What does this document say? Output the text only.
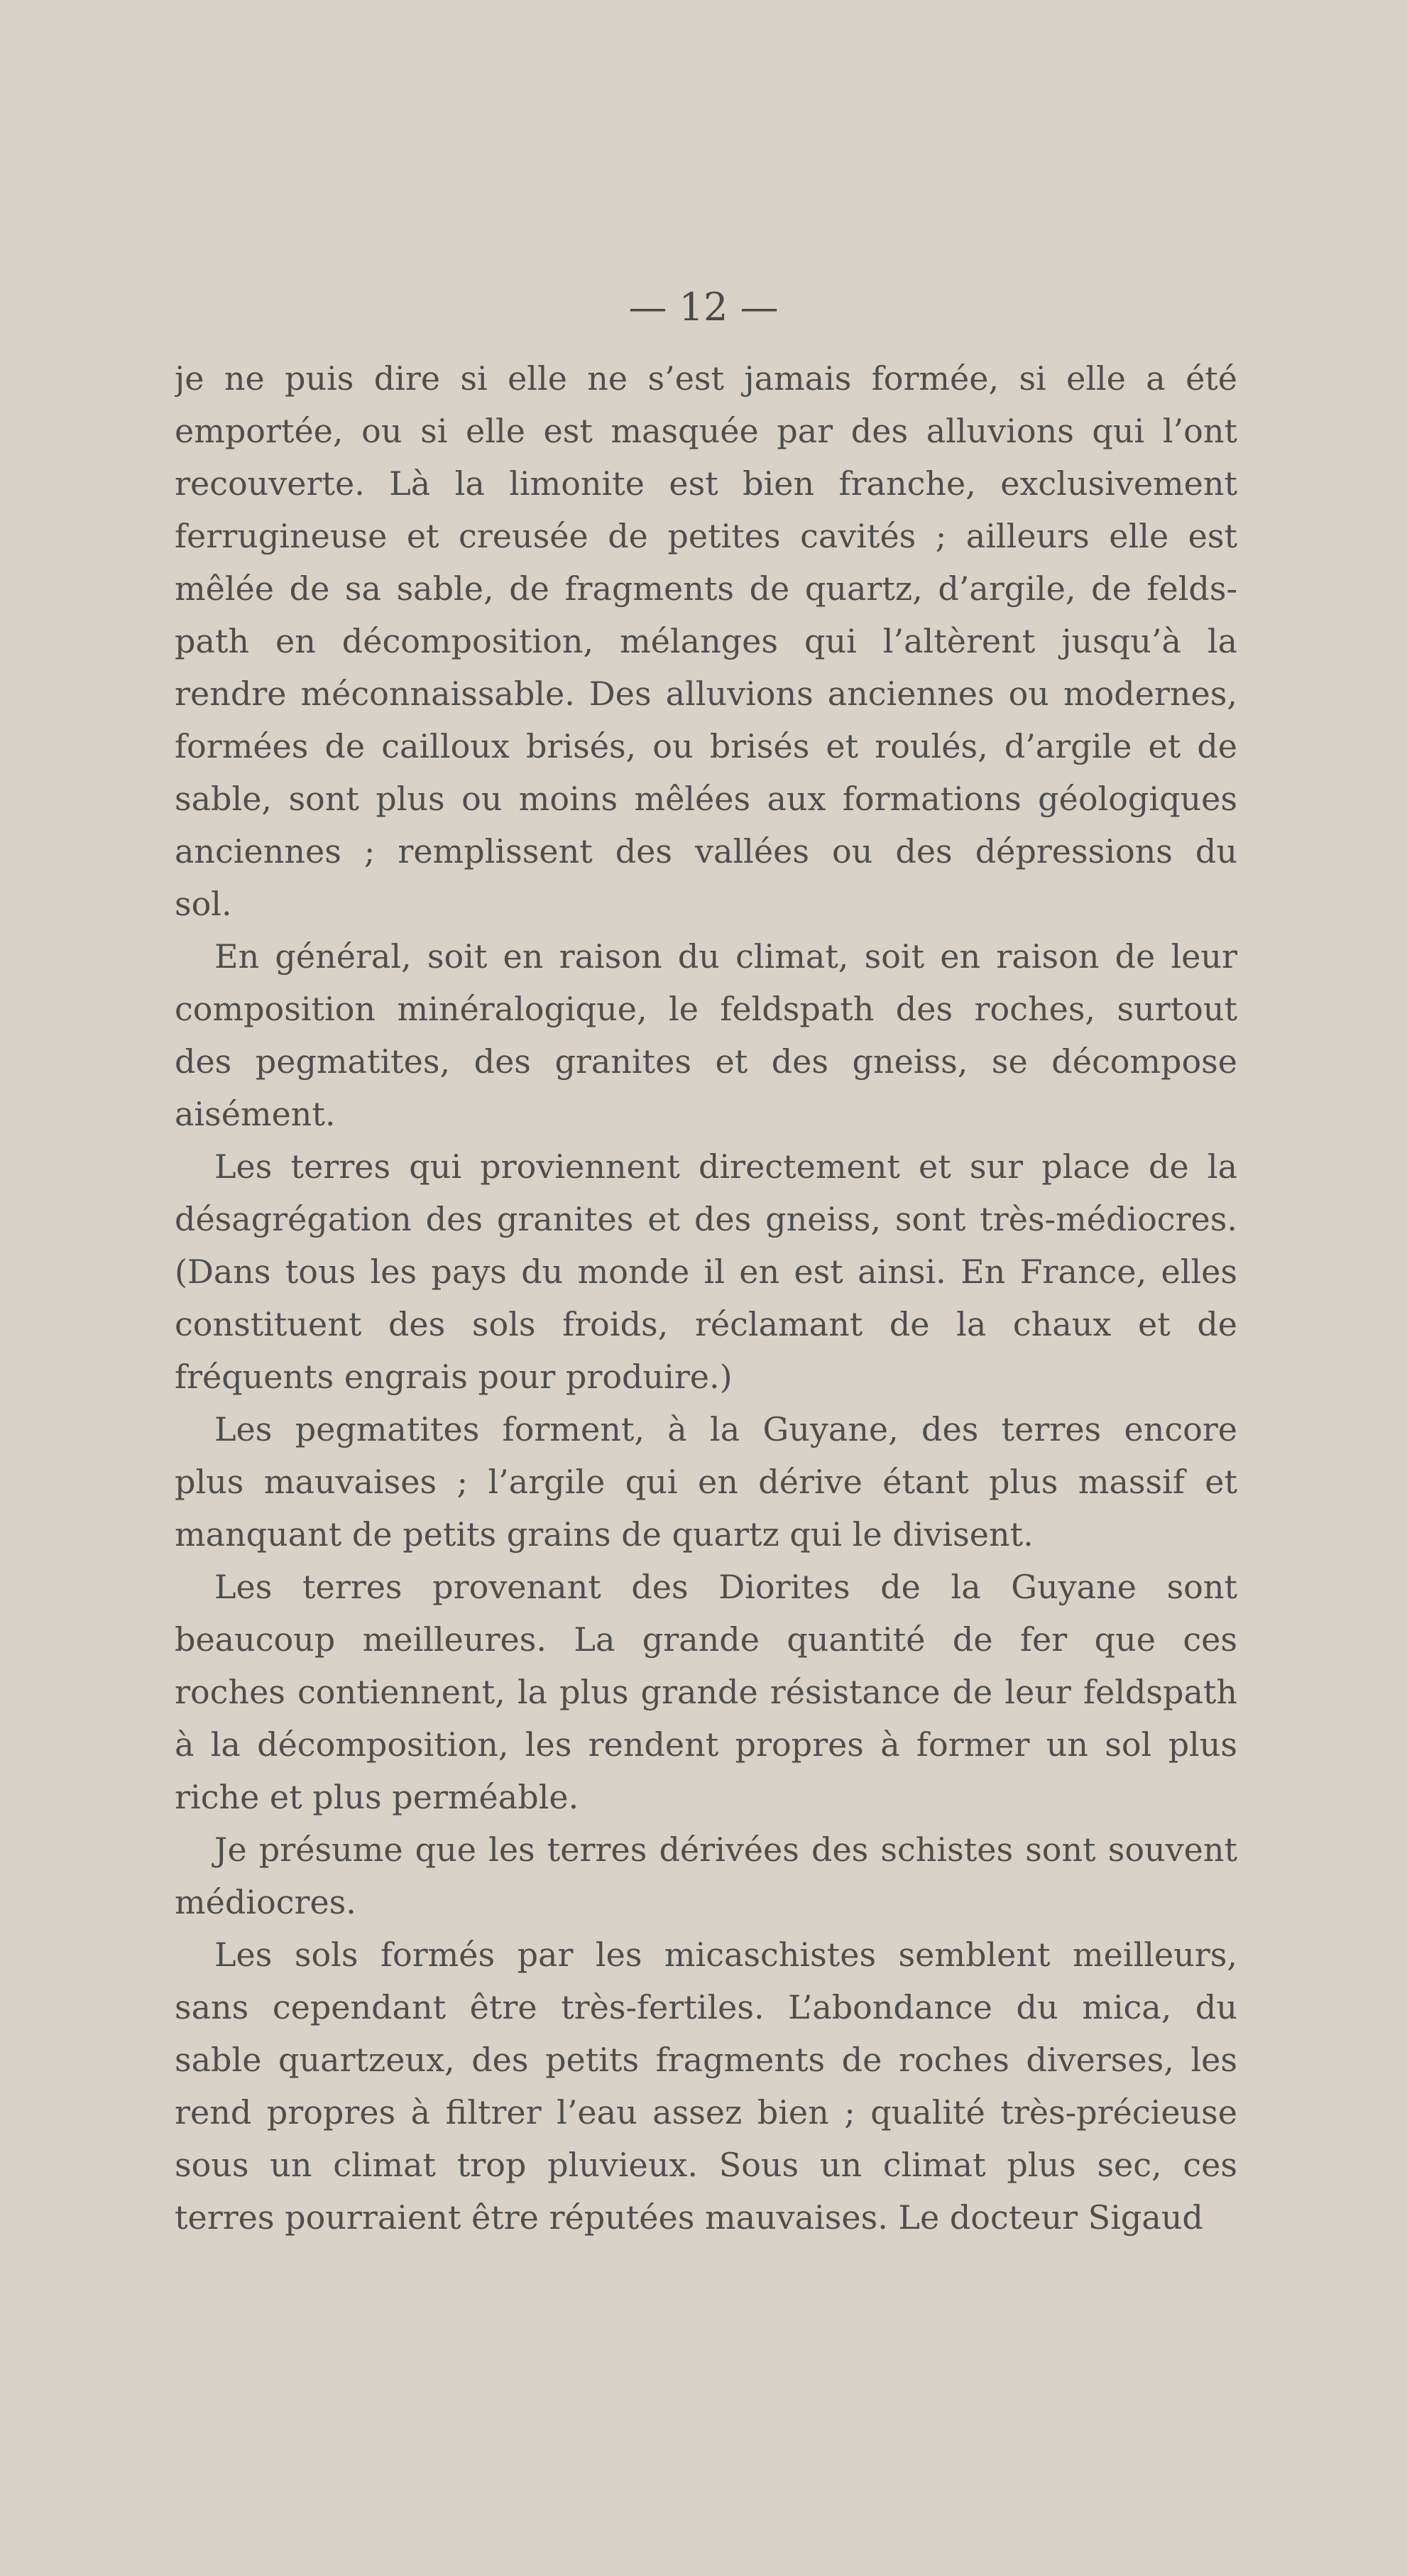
— 12 —
je ne puis dire si elle ne s’est jamais formée, si elle a été
emportée, ou si elle est masquée par des alluvions qui l’ont
recouverte. Là la limonite est bien franche, exclusivement
ferrugineuse et creusée de petites cavités ; ailleurs elle est
mêlée de sa sable, de fragments de quartz, d’argile, de felds-
path en décomposition, mélanges qui l’altèrent jusqu’à la
rendre méconnaissable. Des alluvions anciennes ou modernes,
formées de cailloux brisés, ou brisés et roulés, d’argile et de
sable, sont plus ou moins mêlées aux formations géologiques
anciennes ; remplissent des vallées ou des dépressions du
sol.
En général, soit en raison du climat, soit en raison de leur
composition minéralogique, le feldspath des roches, surtout
des pegmatites, des granites et des gneiss, se décompose
aisément.
Les terres qui proviennent directement et sur place de la
désagrégation des granites et des gneiss, sont très-médiocres.
(Dans tous les pays du monde il en est ainsi. En France, elles
constituent des sols froids, réclamant de la chaux et de
fréquents engrais pour produire.)
Les pegmatites forment, à la Guyane, des terres encore
plus mauvaises ; l’argile qui en dérive étant plus massif et
manquant de petits grains de quartz qui le divisent.
Les terres provenant des Diorites de la Guyane sont
beaucoup meilleures. La grande quantité de fer que ces
roches contiennent, la plus grande résistance de leur feldspath
à la décomposition, les rendent propres à former un sol plus
riche et plus perméable.
Je présume que les terres dérivées des schistes sont souvent
médiocres.
Les sols formés par les micaschistes semblent meilleurs,
sans cependant être très-fertiles. L’abondance du mica, du
sable quartzeux, des petits fragments de roches diverses, les
rend propres à filtrer l’eau assez bien ; qualité très-précieuse
sous un climat trop pluvieux. Sous un climat plus sec, ces
terres pourraient être réputées mauvaises. Le docteur Sigaud
